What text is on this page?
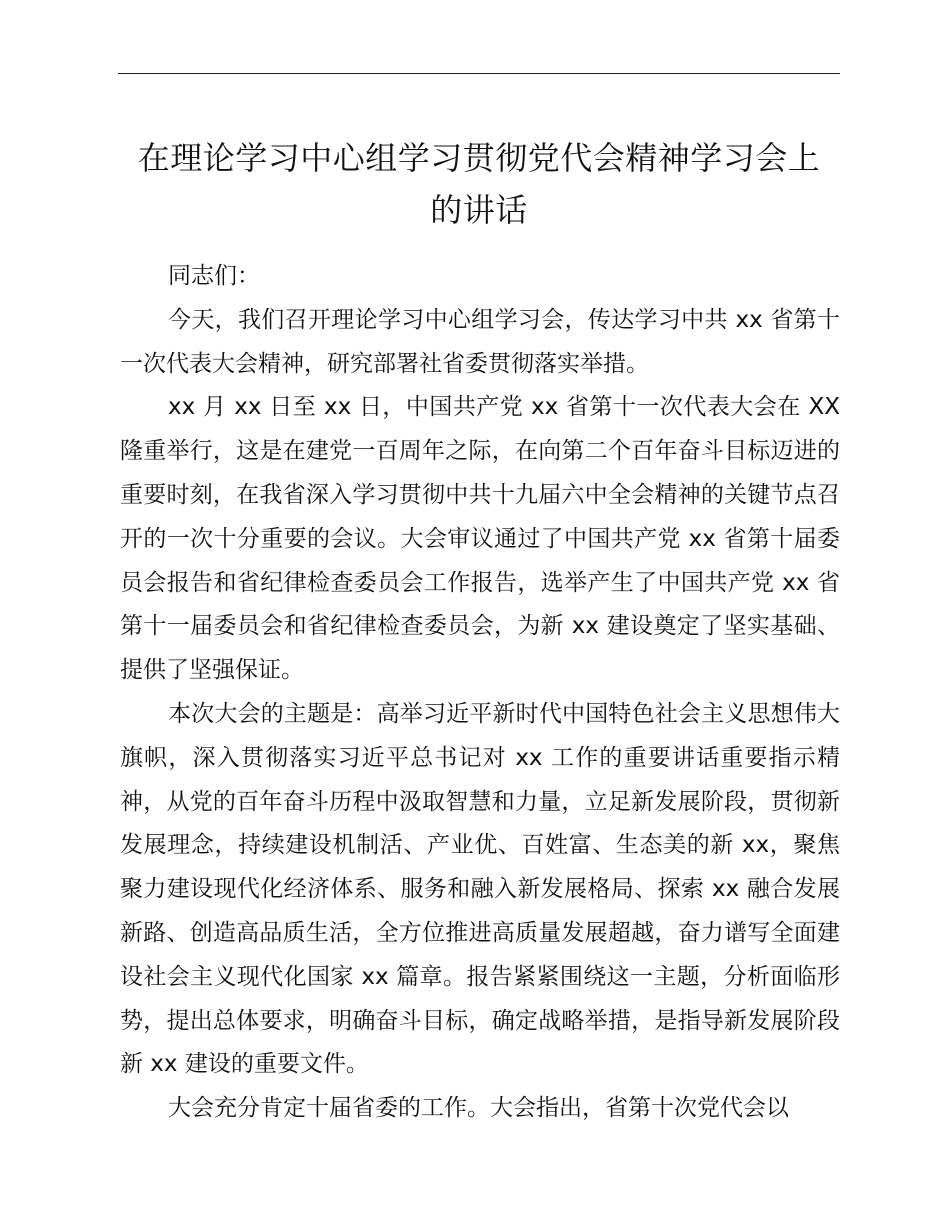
在理论学习中心组学习贯彻党代会精神学习会上
的讲话

同志们：

今天，我们召开理论学习中心组学习会，传达学习中共 xx 省第十一次代表大会精神，研究部署社省委贯彻落实举措。

xx 月 xx 日至 xx 日，中国共产党 xx 省第十一次代表大会在 XX 隆重举行，这是在建党一百周年之际，在向第二个百年奋斗目标迈进的重要时刻，在我省深入学习贯彻中共十九届六中全会精神的关键节点召开的一次十分重要的会议。大会审议通过了中国共产党 xx 省第十届委员会报告和省纪律检查委员会工作报告，选举产生了中国共产党 xx 省第十一届委员会和省纪律检查委员会，为新 xx 建设奠定了坚实基础、提供了坚强保证。

本次大会的主题是：高举习近平新时代中国特色社会主义思想伟大旗帜，深入贯彻落实习近平总书记对 xx 工作的重要讲话重要指示精神，从党的百年奋斗历程中汲取智慧和力量，立足新发展阶段，贯彻新发展理念，持续建设机制活、产业优、百姓富、生态美的新 xx，聚焦聚力建设现代化经济体系、服务和融入新发展格局、探索 xx 融合发展新路、创造高品质生活，全方位推进高质量发展超越，奋力谱写全面建设社会主义现代化国家 xx 篇章。报告紧紧围绕这一主题，分析面临形势，提出总体要求，明确奋斗目标，确定战略举措，是指导新发展阶段新 xx 建设的重要文件。

大会充分肯定十届省委的工作。大会指出，省第十次党代会以
